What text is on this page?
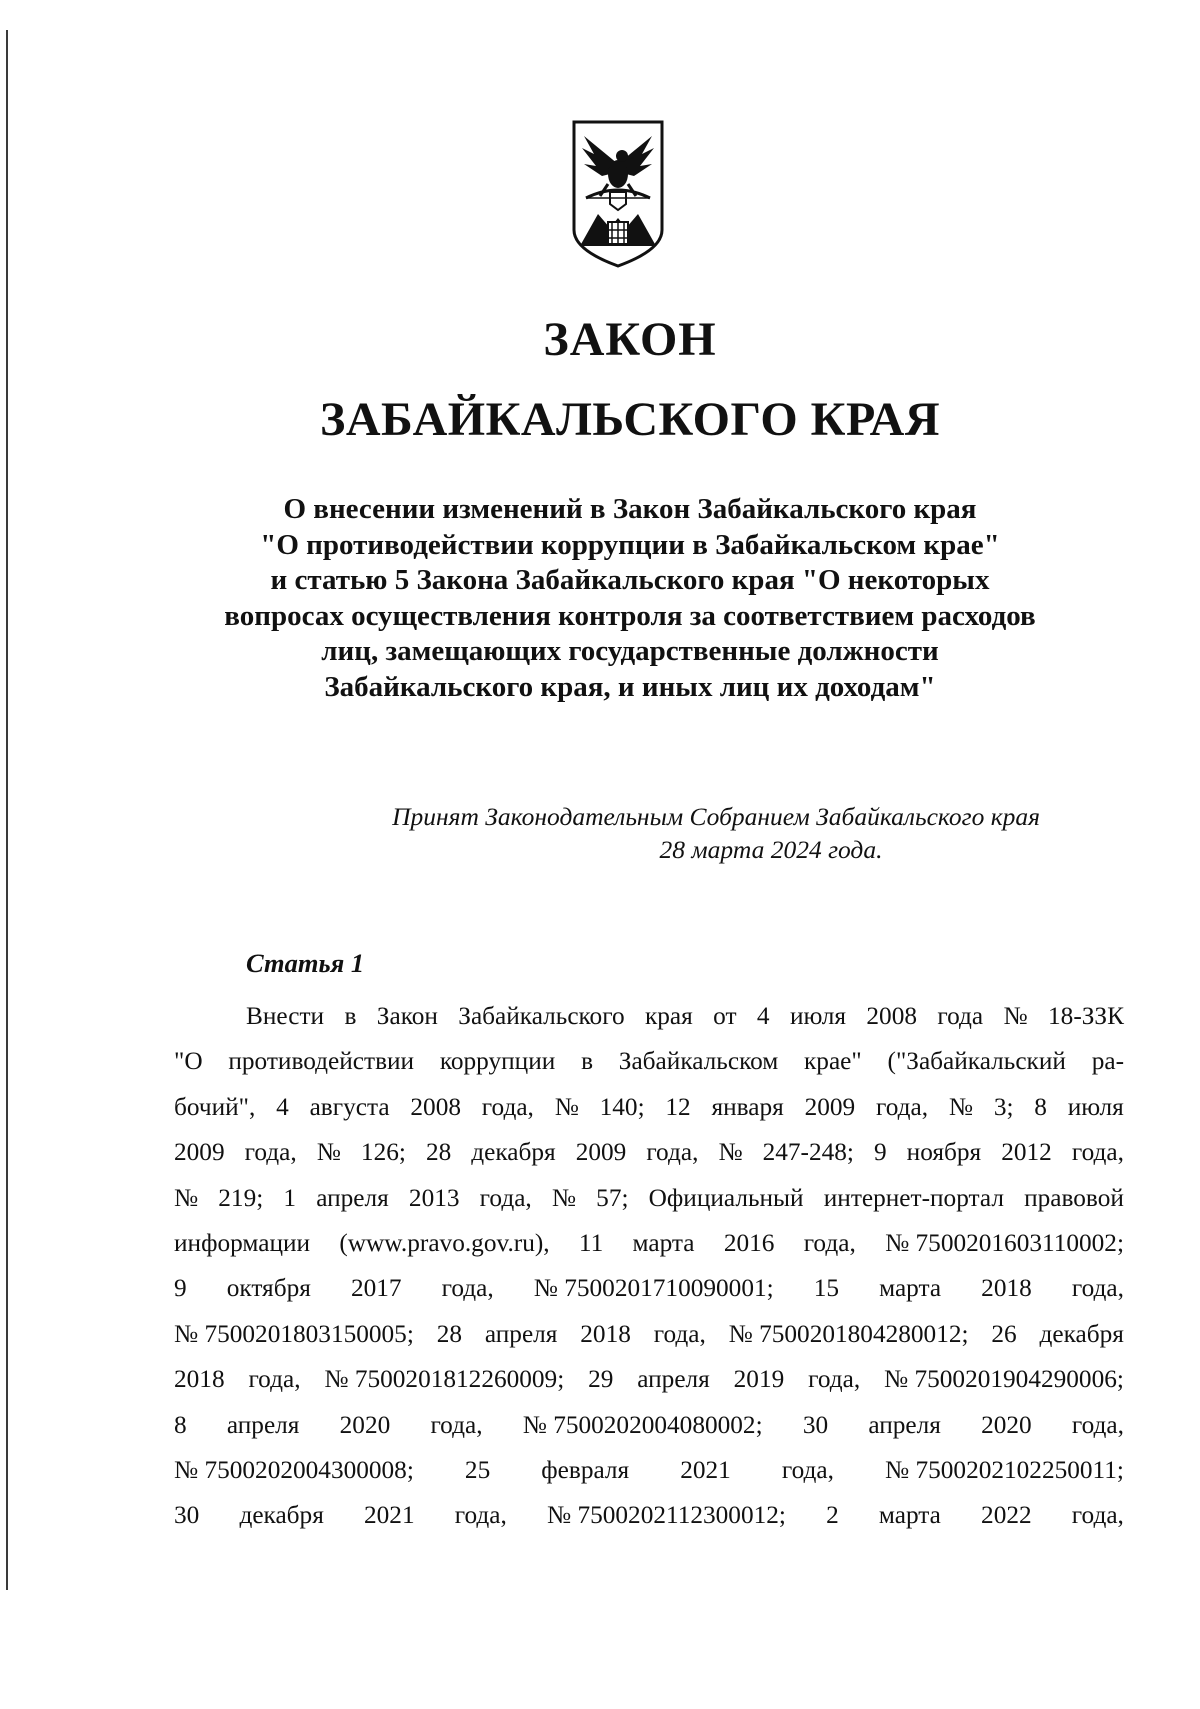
ЗАКОН
ЗАБАЙКАЛЬСКОГО КРАЯ
О внесении изменений в Закон Забайкальского края
"О противодействии коррупции в Забайкальском крае"
и статью 5 Закона Забайкальского края "О некоторых
вопросах осуществления контроля за соответствием расходов
лиц, замещающих государственные должности
Забайкальского края, и иных лиц их доходам"
Принят Законодательным Собранием Забайкальского края
28 марта 2024 года.
Статья 1
Внести в Закон Забайкальского края от 4 июля 2008 года № 18-ЗЗК
"О противодействии коррупции в Забайкальском крае" ("Забайкальский ра-
бочий", 4 августа 2008 года, № 140; 12 января 2009 года, № 3; 8 июля
2009 года, № 126; 28 декабря 2009 года, № 247-248; 9 ноября 2012 года,
№ 219; 1 апреля 2013 года, № 57; Официальный интернет-портал правовой
информации (www.pravo.gov.ru), 11 марта 2016 года, № 7500201603110002;
9 октября 2017 года, № 7500201710090001; 15 марта 2018 года,
№ 7500201803150005; 28 апреля 2018 года, № 7500201804280012; 26 декабря
2018 года, № 7500201812260009; 29 апреля 2019 года, № 7500201904290006;
8 апреля 2020 года, № 7500202004080002; 30 апреля 2020 года,
№ 7500202004300008; 25 февраля 2021 года, № 7500202102250011;
30 декабря 2021 года, № 7500202112300012; 2 марта 2022 года,
